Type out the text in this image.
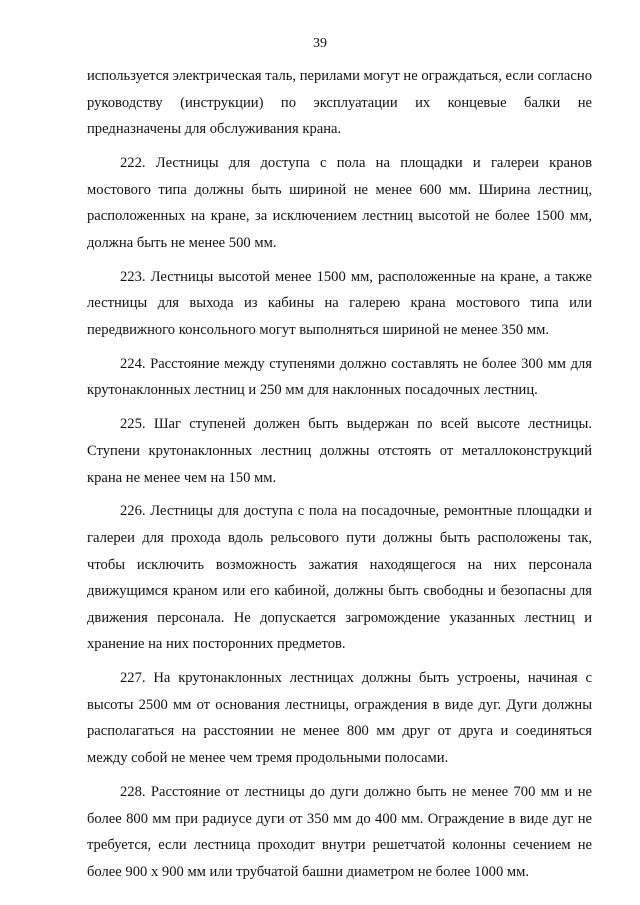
39

используется электрическая таль, перилами могут не ограждаться, если согласно руководству (инструкции) по эксплуатации их концевые балки не предназначены для обслуживания крана.

222. Лестницы для доступа с пола на площадки и галереи кранов мостового типа должны быть шириной не менее 600 мм. Ширина лестниц, расположенных на кране, за исключением лестниц высотой не более 1500 мм, должна быть не менее 500 мм.

223. Лестницы высотой менее 1500 мм, расположенные на кране, а также лестницы для выхода из кабины на галерею крана мостового типа или передвижного консольного могут выполняться шириной не менее 350 мм.

224. Расстояние между ступенями должно составлять не более 300 мм для крутонаклонных лестниц и 250 мм для наклонных посадочных лестниц.

225. Шаг ступеней должен быть выдержан по всей высоте лестницы. Ступени крутонаклонных лестниц должны отстоять от металлоконструкций крана не менее чем на 150 мм.

226. Лестницы для доступа с пола на посадочные, ремонтные площадки и галереи для прохода вдоль рельсового пути должны быть расположены так, чтобы исключить возможность зажатия находящегося на них персонала движущимся краном или его кабиной, должны быть свободны и безопасны для движения персонала. Не допускается загромождение указанных лестниц и хранение на них посторонних предметов.

227. На крутонаклонных лестницах должны быть устроены, начиная с высоты 2500 мм от основания лестницы, ограждения в виде дуг. Дуги должны располагаться на расстоянии не менее 800 мм друг от друга и соединяться между собой не менее чем тремя продольными полосами.

228. Расстояние от лестницы до дуги должно быть не менее 700 мм и не более 800 мм при радиусе дуги от 350 мм до 400 мм. Ограждение в виде дуг не требуется, если лестница проходит внутри решетчатой колонны сечением не более 900 x 900 мм или трубчатой башни диаметром не более 1000 мм.
